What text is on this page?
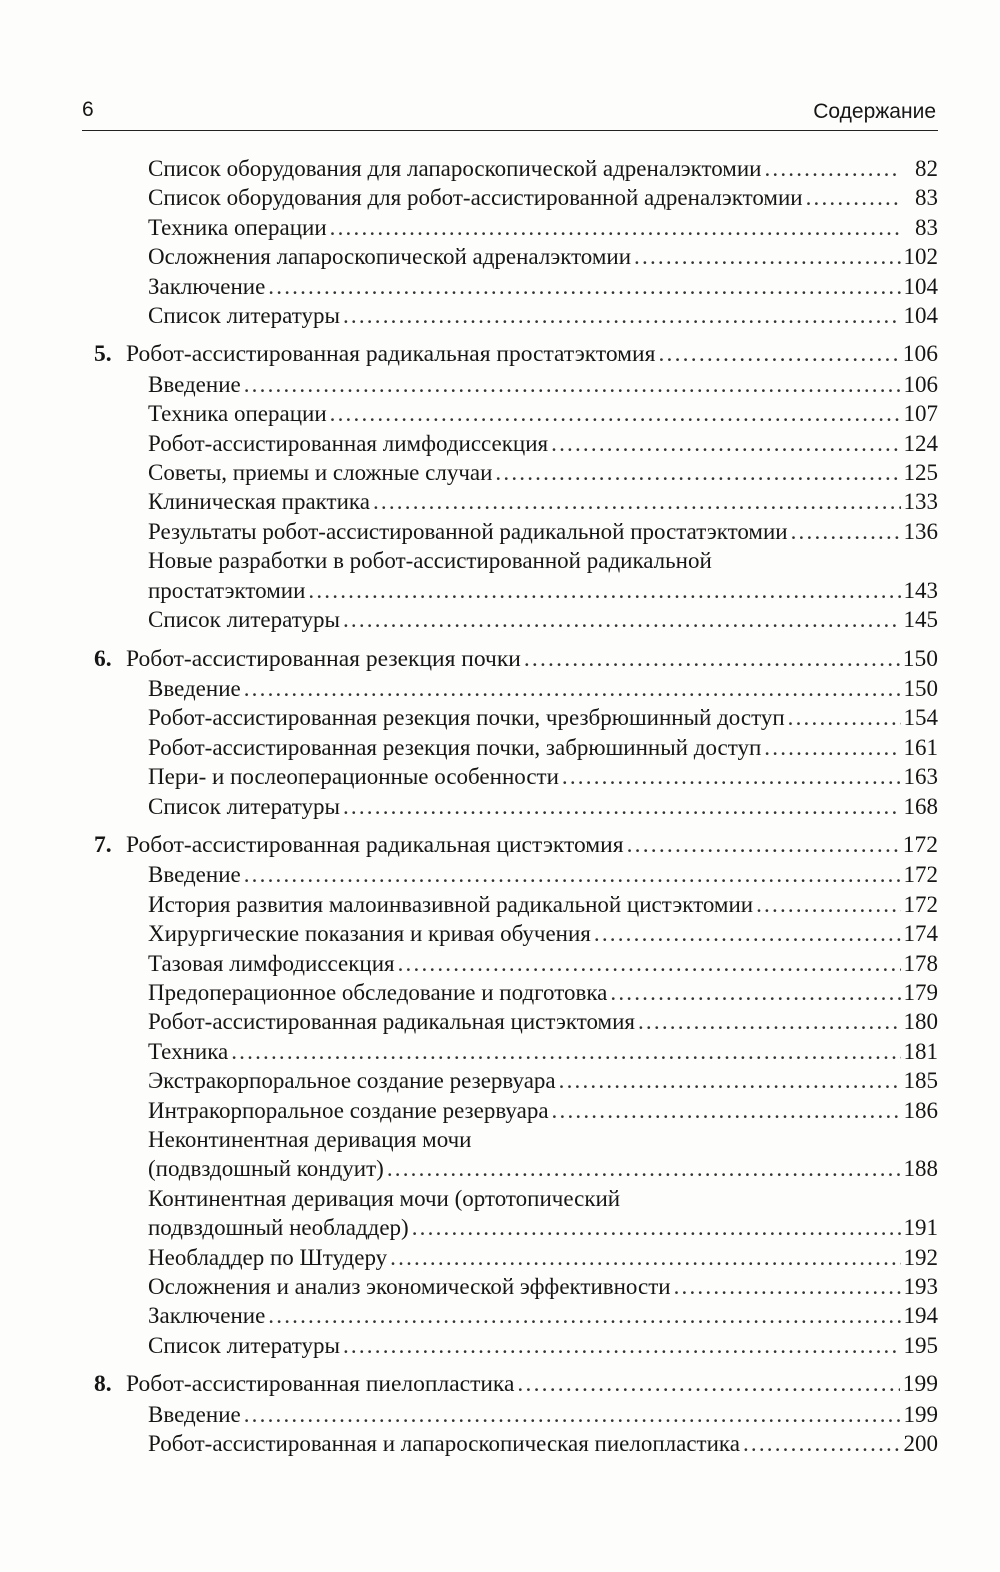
6	Содержание
Список оборудования для лапароскопической адреналэктомии .....	82
Список оборудования для робот-ассистированной адреналэктомии .....	83
Техника операции .....	83
Осложнения лапароскопической адреналэктомии .....	102
Заключение .....	104
Список литературы .....	104
5. Робот-ассистированная радикальная простатэктомия .....	106
Введение .....	106
Техника операции .....	107
Робот-ассистированная лимфодиссекция .....	124
Советы, приемы и сложные случаи .....	125
Клиническая практика .....	133
Результаты робот-ассистированной радикальной простатэктомии .....	136
Новые разработки в робот-ассистированной радикальной
простатэктомии .....	143
Список литературы .....	145
6. Робот-ассистированная резекция почки .....	150
Введение .....	150
Робот-ассистированная резекция почки, чрезбрюшинный доступ .....	154
Робот-ассистированная резекция почки, забрюшинный доступ .....	161
Пери- и послеоперационные особенности .....	163
Список литературы .....	168
7. Робот-ассистированная радикальная цистэктомия .....	172
Введение .....	172
История развития малоинвазивной радикальной цистэктомии .....	172
Хирургические показания и кривая обучения .....	174
Тазовая лимфодиссекция .....	178
Предоперационное обследование и подготовка .....	179
Робот-ассистированная радикальная цистэктомия .....	180
Техника .....	181
Экстракорпоральное создание резервуара .....	185
Интракорпоральное создание резервуара .....	186
Неконтинентная деривация мочи
(подвздошный кондуит) .....	188
Континентная деривация мочи (ортотопический
подвздошный необладдер) .....	191
Необладдер по Штудеру .....	192
Осложнения и анализ экономической эффективности .....	193
Заключение .....	194
Список литературы .....	195
8. Робот-ассистированная пиелопластика .....	199
Введение .....	199
Робот-ассистированная и лапароскопическая пиелопластика .....	200
